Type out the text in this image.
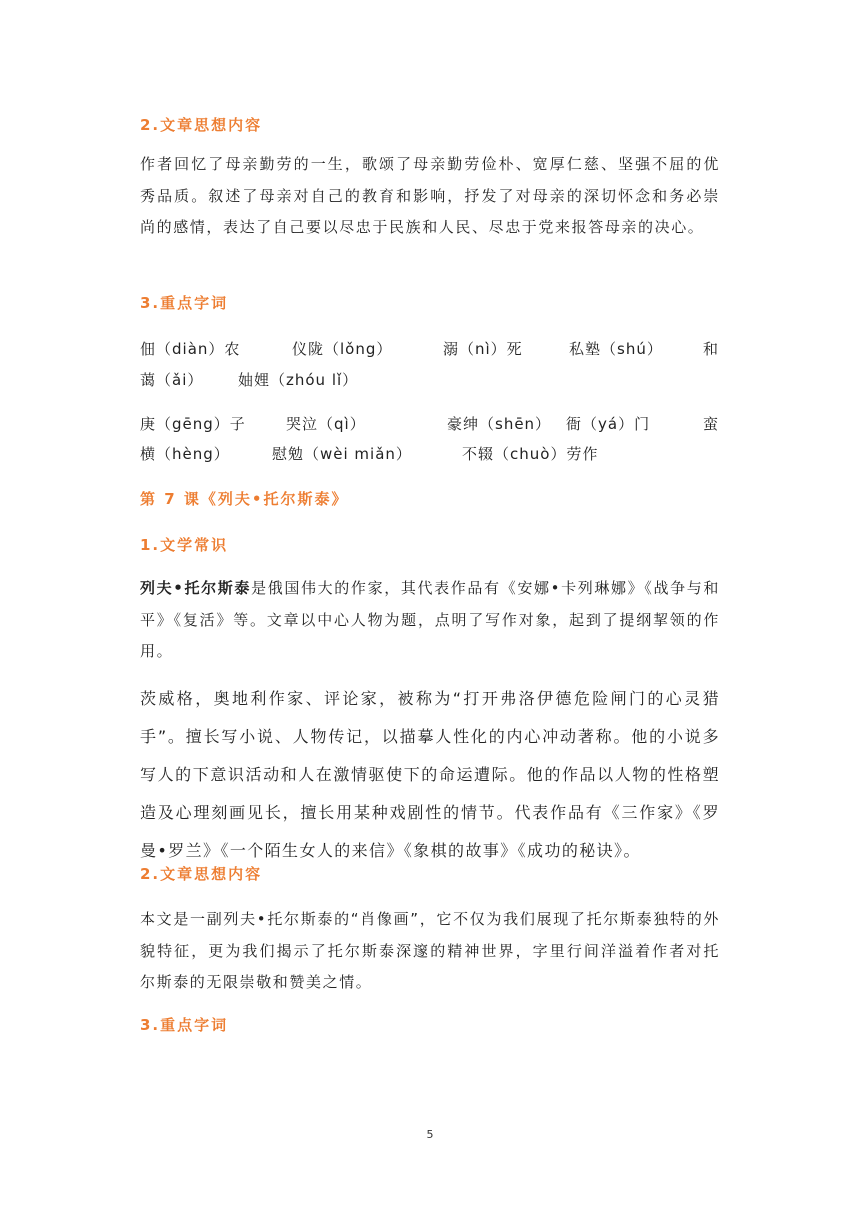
2.文章思想内容

作者回忆了母亲勤劳的一生，歌颂了母亲勤劳俭朴、宽厚仁慈、坚强不屈的优秀品质。叙述了母亲对自己的教育和影响，抒发了对母亲的深切怀念和务必崇尚的感情，表达了自己要以尽忠于民族和人民、尽忠于党来报答母亲的决心。

3.重点字词
佃（diàn）农	仪陇（lǒng）	溺（nì）死	私塾（shú）	和
蔼（ǎi） 妯娌（zhóu lǐ）
庚（gēng）子	哭泣（qì）	豪绅（shēn） 衙（yá）门	蛮
横（hèng）	慰勉（wèi miǎn）	不辍（chuò）劳作
第 7 课《列夫•托尔斯泰》
1.文学常识

列夫•托尔斯泰是俄国伟大的作家，其代表作品有《安娜•卡列琳娜》《战争与和平》《复活》等。文章以中心人物为题，点明了写作对象，起到了提纲挈领的作用。

茨威格，奥地利作家、评论家，被称为“打开弗洛伊德危险闸门的心灵猎手”。擅长写小说、人物传记，以描摹人性化的内心冲动著称。他的小说多写人的下意识活动和人在激情驱使下的命运遭际。他的作品以人物的性格塑造及心理刻画见长，擅长用某种戏剧性的情节。代表作品有《三作家》《罗曼•罗兰》《一个陌生女人的来信》《象棋的故事》《成功的秘诀》。

2.文章思想内容

本文是一副列夫•托尔斯泰的“肖像画”，它不仅为我们展现了托尔斯泰独特的外貌特征，更为我们揭示了托尔斯泰深邃的精神世界，字里行间洋溢着作者对托尔斯泰的无限崇敬和赞美之情。

3.重点字词
5
